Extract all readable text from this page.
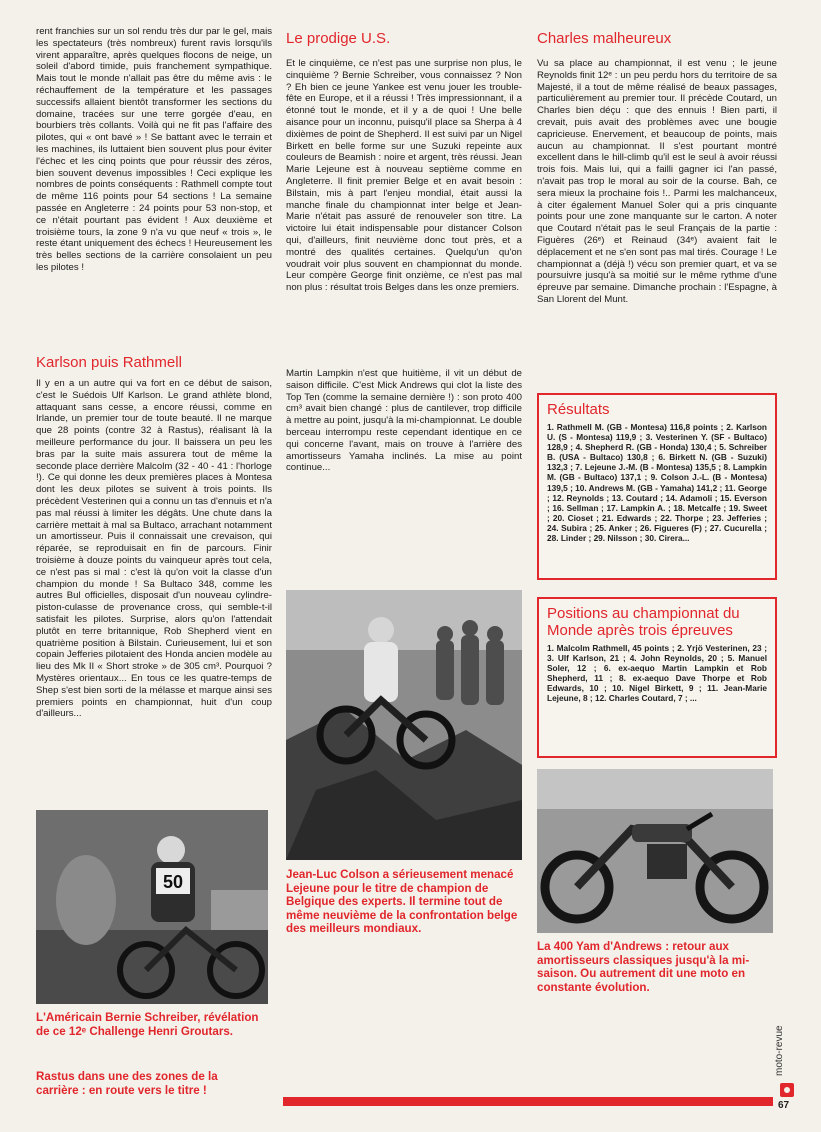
rent franchies sur un sol rendu très dur par le gel, mais les spectateurs (très nombreux) furent ravis lorsqu'ils virent apparaître, après quelques flocons de neige, un soleil d'abord timide, puis franchement sympathique. Mais tout le monde n'allait pas être du même avis : le réchauffement de la température et les passages successifs allaient bientôt transformer les sections du domaine, tracées sur une terre gorgée d'eau, en bourbiers très collants. Voilà qui ne fit pas l'affaire des pilotes, qui « ont bavé » ! Se battant avec le terrain et les machines, ils luttaient bien souvent plus pour éviter l'échec et les cinq points que pour réussir des zéros, bien souvent devenus impossibles ! Ceci explique les nombres de points conséquents : Rathmell compte tout de même 116 points pour 54 sections ! La semaine passée en Angleterre : 24 points pour 53 non-stop, et ce n'était pourtant pas évident ! Aux deuxième et troisième tours, la zone 9 n'a vu que neuf « trois », le reste étant uniquement des échecs ! Heureusement les très belles sections de la carrière consolaient un peu les pilotes !

Karlson puis Rathmell

Il y en a un autre qui va fort en ce début de saison, c'est le Suédois Ulf Karlson. Le grand athlète blond, attaquant sans cesse, a encore réussi, comme en Irlande, un premier tour de toute beauté. Il ne marque que 28 points (contre 32 à Rastus), réalisant là la meilleure performance du jour. Il baissera un peu les bras par la suite mais assurera tout de même la seconde place derrière Malcolm (32 - 40 - 41 : l'horloge !). Ce qui donne les deux premières places à Montesa dont les deux pilotes se suivent à trois points. Ils précèdent Vesterinen qui a connu un tas d'ennuis et n'a pas mal réussi à limiter les dégâts. Une chute dans la carrière mettait à mal sa Bultaco, arrachant notamment un amortisseur. Puis il connaissait une crevaison, qui réparée, se reproduisait en fin de parcours. Finir troisième à douze points du vainqueur après tout cela, ce n'est pas si mal : c'est là qu'on voit la classe d'un champion du monde ! Sa Bultaco 348, comme les autres Bul officielles, disposait d'un nouveau cylindre-piston-culasse de provenance cross, qui semble-t-il satisfait les pilotes. Surprise, alors qu'on l'attendait plutôt en terre britannique, Rob Shepherd vient en quatrième position à Bilstain. Curieusement, lui et son copain Jefferies pilotaient des Honda ancien modèle au lieu des Mk II « Short stroke » de 305 cm³. Pourquoi ? Mystères orientaux... En tous ce les quatre-temps de Shep s'est bien sorti de la mélasse et marque ainsi ses premiers points en championnat, huit d'un coup d'ailleurs...

50

L'Américain Bernie Schreiber, révélation de ce 12ᵉ Challenge Henri Groutars.

Rastus dans une des zones de la carrière : en route vers le titre !

Le prodige U.S.

Et le cinquième, ce n'est pas une surprise non plus, le cinquième ? Bernie Schreiber, vous connaissez ? Non ? Eh bien ce jeune Yankee est venu jouer les trouble-fête en Europe, et il a réussi ! Très impressionnant, il a étonné tout le monde, et il y a de quoi ! Une belle aisance pour un inconnu, puisqu'il place sa Sherpa à 4 dixièmes de point de Shepherd. Il est suivi par un Nigel Birkett en belle forme sur une Suzuki repeinte aux couleurs de Beamish : noire et argent, très réussi. Jean Marie Lejeune est à nouveau septième comme en Angleterre. Il finit premier Belge et en avait besoin : Bilstain, mis à part l'enjeu mondial, était aussi la manche finale du championnat inter belge et Jean-Marie n'était pas assuré de renouveler son titre. La victoire lui était indispensable pour distancer Colson qui, d'ailleurs, finit neuvième donc tout près, et a montré des qualités certaines. Quelqu'un qu'on voudrait voir plus souvent en championnat du monde. Leur compère George finit onzième, ce n'est pas mal non plus : résultat trois Belges dans les onze premiers.

Martin Lampkin n'est que huitième, il vit un début de saison difficile. C'est Mick Andrews qui clot la liste des Top Ten (comme la semaine dernière !) : son proto 400 cm³ avait bien changé : plus de cantilever, trop difficile à mettre au point, jusqu'à la mi-championnat. Le double berceau interrompu reste cependant identique en ce qui concerne l'avant, mais on trouve à l'arrière des amortisseurs Yamaha inclinés. La mise au point continue...

Jean-Luc Colson a sérieusement menacé Lejeune pour le titre de champion de Belgique des experts. Il termine tout de même neuvième de la confrontation belge des meilleurs mondiaux.

Charles malheureux

Vu sa place au championnat, il est venu ; le jeune Reynolds finit 12ᵉ : un peu perdu hors du territoire de sa Majesté, il a tout de même réalisé de beaux passages, particulièrement au premier tour. Il précède Coutard, un Charles bien déçu : que des ennuis ! Bien parti, il crevait, puis avait des problèmes avec une bougie capricieuse. Enervement, et beaucoup de points, mais aucun au championnat. Il s'est pourtant montré excellent dans le hill-climb qu'il est le seul à avoir réussi trois fois. Mais lui, qui a failli gagner ici l'an passé, n'avait pas trop le moral au soir de la course. Bah, ce sera mieux la prochaine fois !.. Parmi les malchanceux, à citer également Manuel Soler qui a pris cinquante points pour une zone manquante sur le carton. A noter que Coutard n'était pas le seul Français de la partie : Figuères (26ᵉ) et Reinaud (34ᵉ) avaient fait le déplacement et ne s'en sont pas mal tirés. Courage ! Le championnat a (déjà !) vécu son premier quart, et va se poursuivre jusqu'à sa moitié sur le même rythme d'une épreuve par semaine. Dimanche prochain : l'Espagne, à San Llorent del Munt.

Résultats

1. Rathmell M. (GB - Montesa) 116,8 points ; 2. Karlson U. (S - Montesa) 119,9 ; 3. Vesterinen Y. (SF - Bultaco) 128,9 ; 4. Shepherd R. (GB - Honda) 130,4 ; 5. Schreiber B. (USA - Bultaco) 130,8 ; 6. Birkett N. (GB - Suzuki) 132,3 ; 7. Lejeune J.-M. (B - Montesa) 135,5 ; 8. Lampkin M. (GB - Bultaco) 137,1 ; 9. Colson J.-L. (B - Montesa) 139,5 ; 10. Andrews M. (GB - Yamaha) 141,2 ; 11. George ; 12. Reynolds ; 13. Coutard ; 14. Adamoli ; 15. Everson ; 16. Sellman ; 17. Lampkin A. ; 18. Metcalfe ; 19. Sweet ; 20. Cioset ; 21. Edwards ; 22. Thorpe ; 23. Jefferies ; 24. Subira ; 25. Anker ; 26. Figueres (F) ; 27. Cucurella ; 28. Linder ; 29. Nilsson ; 30. Cirera...

Positions au championnat du Monde après trois épreuves

1. Malcolm Rathmell, 45 points ; 2. Yrjö Vesterinen, 23 ; 3. Ulf Karlson, 21 ; 4. John Reynolds, 20 ; 5. Manuel Soler, 12 ; 6. ex-aequo Martin Lampkin et Rob Shepherd, 11 ; 8. ex-aequo Dave Thorpe et Rob Edwards, 10 ; 10. Nigel Birkett, 9 ; 11. Jean-Marie Lejeune, 8 ; 12. Charles Coutard, 7 ; ...

La 400 Yam d'Andrews : retour aux amortisseurs classiques jusqu'à la mi-saison. Ou autrement dit une moto en constante évolution.

moto-revue
67
